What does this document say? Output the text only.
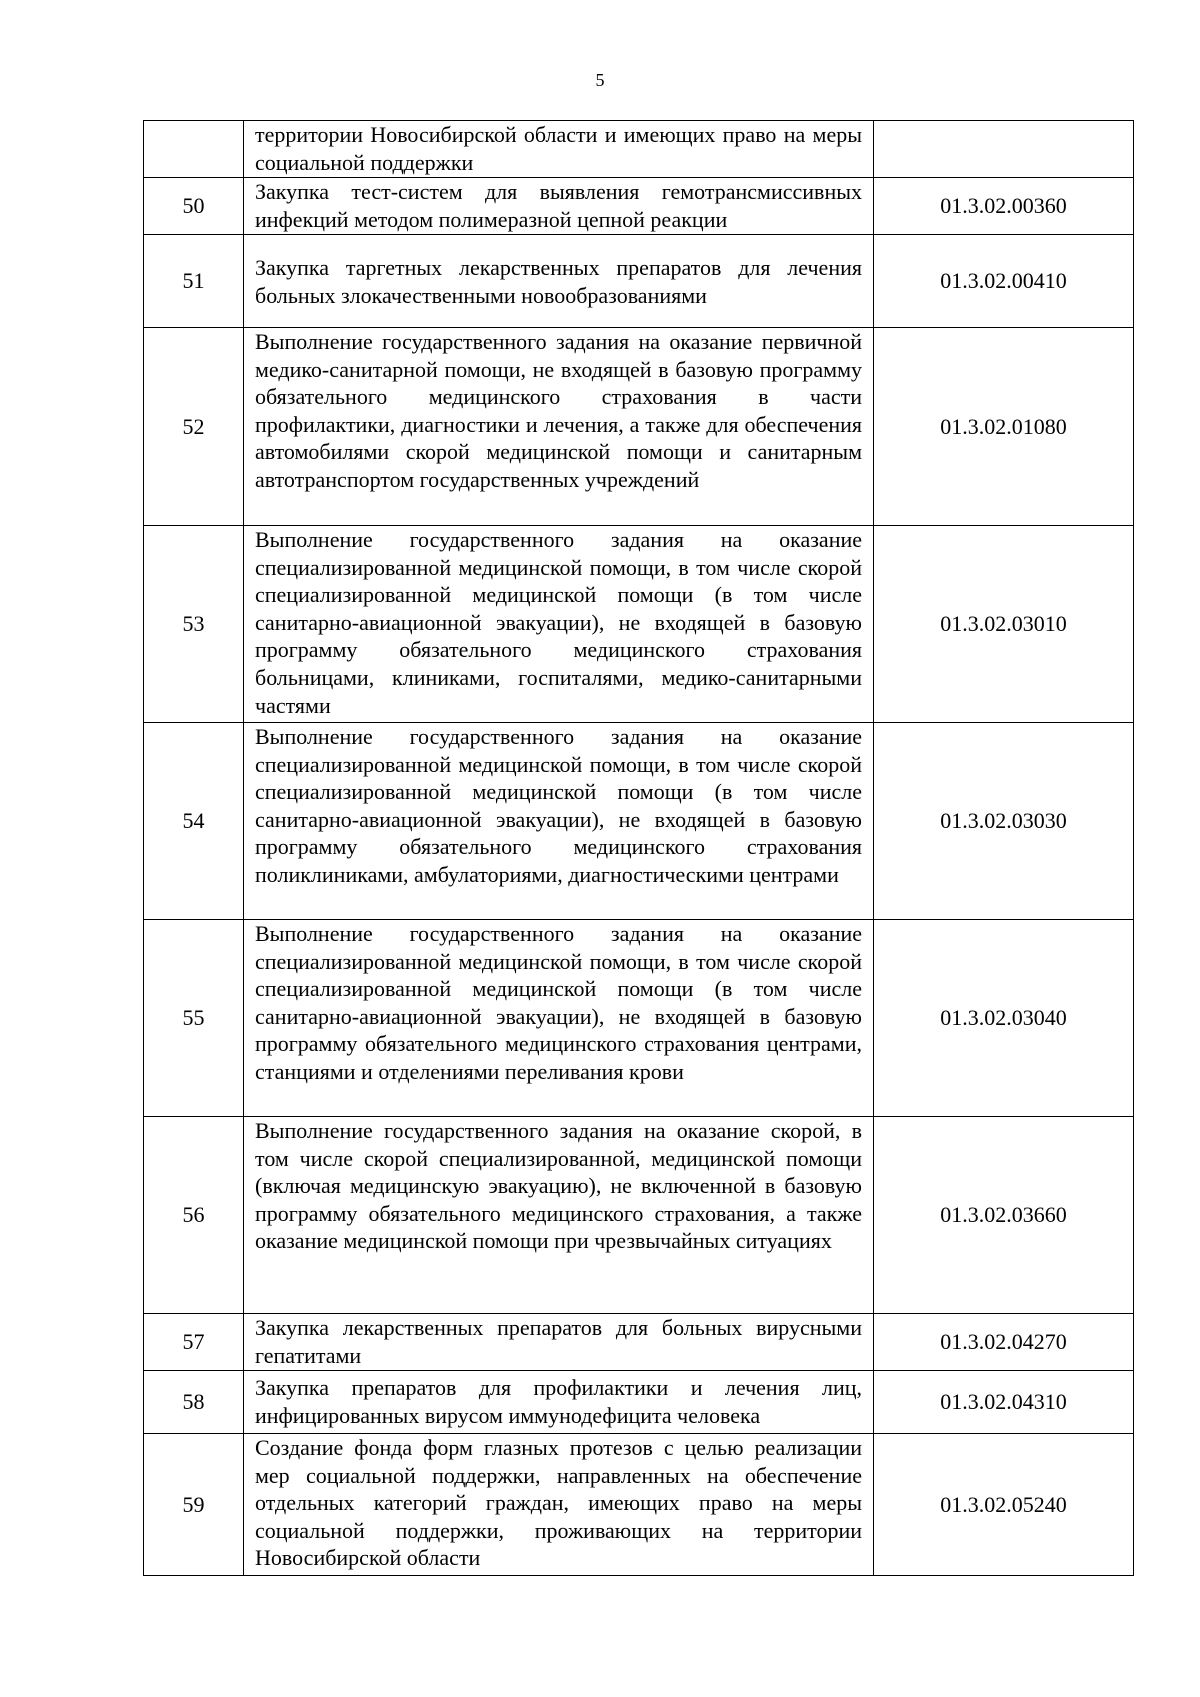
5
	территории Новосибирской области и имеющих право на меры социальной поддержки	
50	Закупка тест-систем для выявления гемотрансмиссивных инфекций методом полимеразной цепной реакции	01.3.02.00360
51	Закупка таргетных лекарственных препаратов для лечения больных злокачественными новообразованиями	01.3.02.00410
52	Выполнение государственного задания на оказание первичной медико-санитарной помощи, не входящей в базовую программу обязательного медицинского страхования в части профилактики, диагностики и лечения, а также для обеспечения автомобилями скорой медицинской помощи и санитарным автотранспортом государственных учреждений	01.3.02.01080
53	Выполнение государственного задания на оказание специализированной медицинской помощи, в том числе скорой специализированной медицинской помощи (в том числе санитарно-авиационной эвакуации), не входящей в базовую программу обязательного медицинского страхования больницами, клиниками, госпиталями, медико-санитарными частями	01.3.02.03010
54	Выполнение государственного задания на оказание специализированной медицинской помощи, в том числе скорой специализированной медицинской помощи (в том числе санитарно-авиационной эвакуации), не входящей в базовую программу обязательного медицинского страхования поликлиниками, амбулаториями, диагностическими центрами	01.3.02.03030
55	Выполнение государственного задания на оказание специализированной медицинской помощи, в том числе скорой специализированной медицинской помощи (в том числе санитарно-авиационной эвакуации), не входящей в базовую программу обязательного медицинского страхования центрами, станциями и отделениями переливания крови	01.3.02.03040
56	Выполнение государственного задания на оказание скорой, в том числе скорой специализированной, медицинской помощи (включая медицинскую эвакуацию), не включенной в базовую программу обязательного медицинского страхования, а также оказание медицинской помощи при чрезвычайных ситуациях	01.3.02.03660
57	Закупка лекарственных препаратов для больных вирусными гепатитами	01.3.02.04270
58	Закупка препаратов для профилактики и лечения лиц, инфицированных вирусом иммунодефицита человека	01.3.02.04310
59	Создание фонда форм глазных протезов с целью реализации мер социальной поддержки, направленных на обеспечение отдельных категорий граждан, имеющих право на меры социальной поддержки, проживающих на территории Новосибирской области	01.3.02.05240
